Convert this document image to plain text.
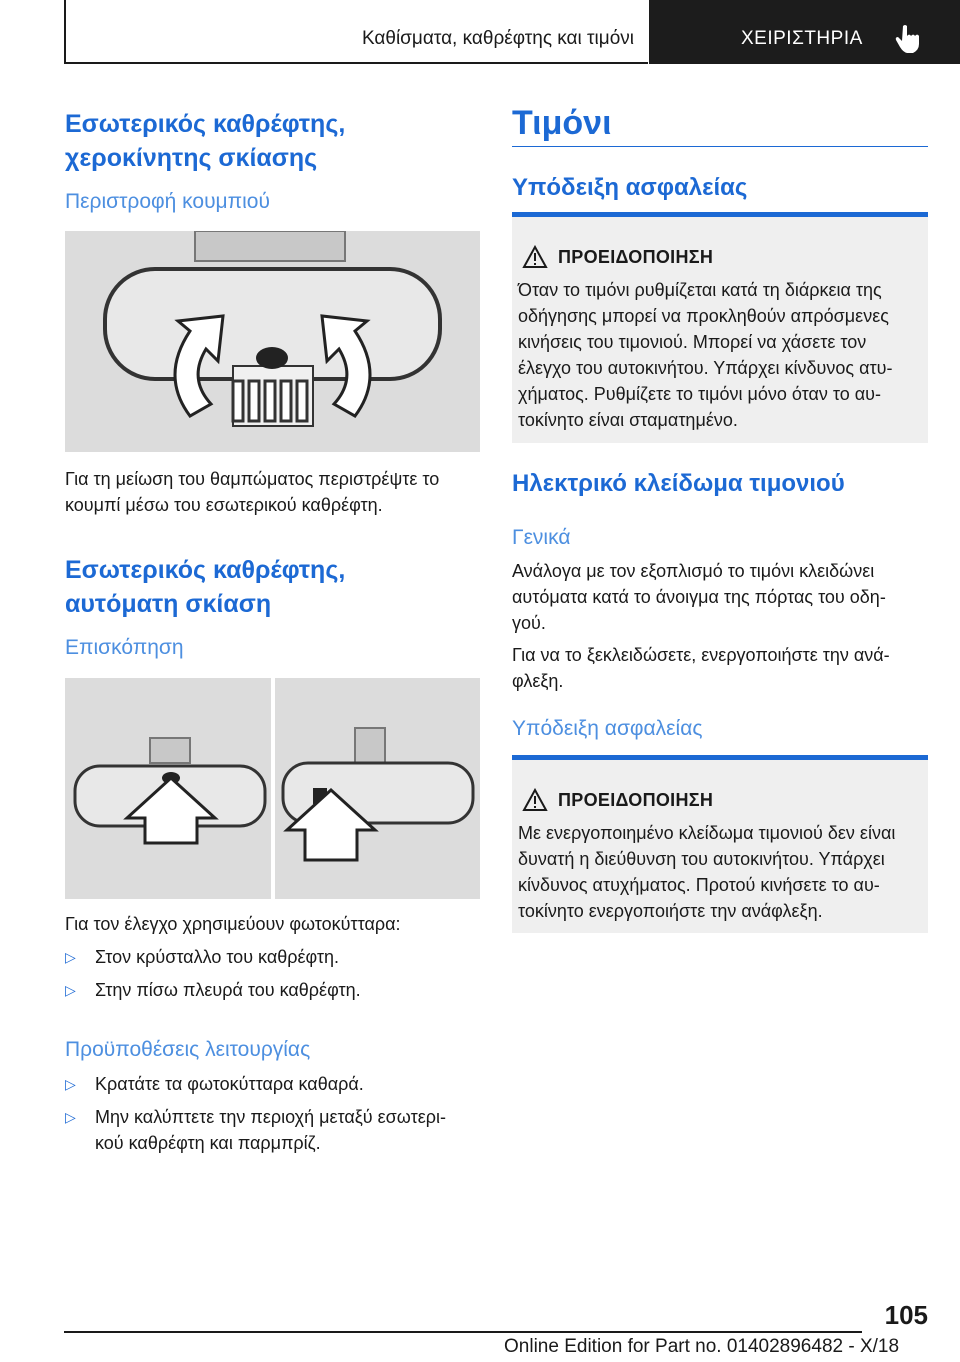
Καθίσματα, καθρέφτης και τιμόνι	ΧΕΙΡΙΣΤΗΡΙΑ
Εσωτερικός καθρέφτης,
χεροκίνητης σκίασης
Περιστροφή κουμπιού
Για τη μείωση του θαμπώματος περιστρέψτε το
κουμπί μέσω του εσωτερικού καθρέφτη.
Εσωτερικός καθρέφτης,
αυτόματη σκίαση
Επισκόπηση
Για τον έλεγχο χρησιμεύουν φωτοκύτταρα:
▷ Στον κρύσταλλο του καθρέφτη.
▷ Στην πίσω πλευρά του καθρέφτη.
Προϋποθέσεις λειτουργίας
▷ Κρατάτε τα φωτοκύτταρα καθαρά.
▷ Μην καλύπτετε την περιοχή μεταξύ εσωτερι-
κού καθρέφτη και παρμπρίζ.
Τιμόνι
Υπόδειξη ασφαλείας
ΠΡΟΕΙΔΟΠΟΙΗΣΗ
Όταν το τιμόνι ρυθμίζεται κατά τη διάρκεια της
οδήγησης μπορεί να προκληθούν απρόσμενες
κινήσεις του τιμονιού. Μπορεί να χάσετε τον
έλεγχο του αυτοκινήτου. Υπάρχει κίνδυνος ατυ-
χήματος. Ρυθμίζετε το τιμόνι μόνο όταν το αυ-
τοκίνητο είναι σταματημένο.
Ηλεκτρικό κλείδωμα τιμονιού
Γενικά
Ανάλογα με τον εξοπλισμό το τιμόνι κλειδώνει
αυτόματα κατά το άνοιγμα της πόρτας του οδη-
γού.
Για να το ξεκλειδώσετε, ενεργοποιήστε την ανά-
φλεξη.
Υπόδειξη ασφαλείας
ΠΡΟΕΙΔΟΠΟΙΗΣΗ
Με ενεργοποιημένο κλείδωμα τιμονιού δεν είναι
δυνατή η διεύθυνση του αυτοκινήτου. Υπάρχει
κίνδυνος ατυχήματος. Προτού κινήσετε το αυ-
τοκίνητο ενεργοποιήστε την ανάφλεξη.
105
Online Edition for Part no. 01402896482 - X/18
